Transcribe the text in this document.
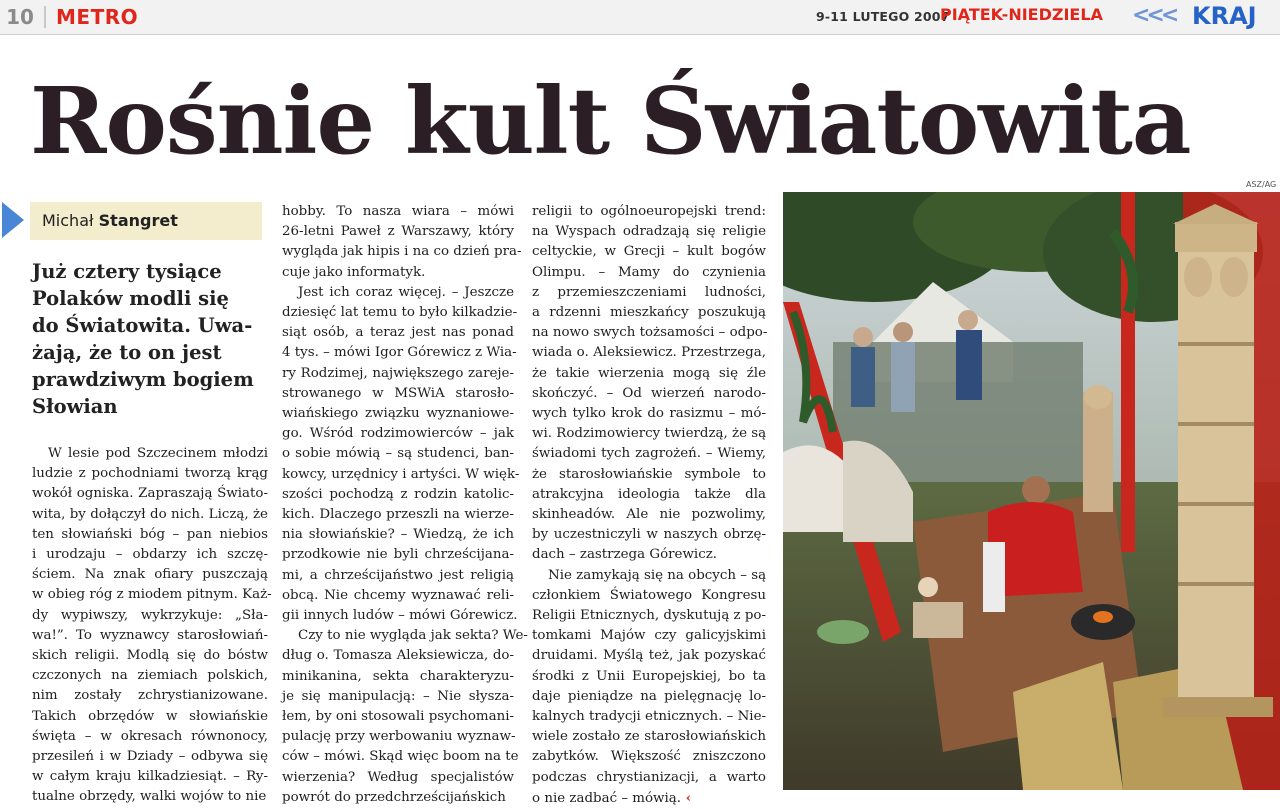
10	METRO	9-11 LUTEGO 2007
PIĄTEK-NIEDZIELA <<< KRAJ
Rośnie kult Światowita
Michał Stangret
Już cztery tysiące
Polaków modli się
do Światowita. Uwa-
żają, że to on jest
prawdziwym bogiem
Słowian
W lesie pod Szczecinem młodzi
ludzie z pochodniami tworzą krąg
wokół ogniska. Zapraszają Świato-
wita, by dołączył do nich. Liczą, że
ten słowiański bóg – pan niebios
i urodzaju – obdarzy ich szczę-
ściem. Na znak ofiary puszczają
w obieg róg z miodem pitnym. Każ-
dy wypiwszy, wykrzykuje: „Sła-
wa!”. To wyznawcy starosłowiań-
skich religii. Modlą się do bóstw
czczonych na ziemiach polskich,
nim zostały zchrystianizowane.
Takich obrzędów w słowiańskie
święta – w okresach równonocy,
przesileń i w Dziady – odbywa się
w całym kraju kilkadziesiąt. – Ry-
tualne obrzędy, walki wojów to nie
hobby. To nasza wiara – mówi
26-letni Paweł z Warszawy, który
wygląda jak hipis i na co dzień pra-
cuje jako informatyk.
Jest ich coraz więcej. – Jeszcze
dziesięć lat temu to było kilkadzie-
siąt osób, a teraz jest nas ponad
4 tys. – mówi Igor Górewicz z Wia-
ry Rodzimej, największego zareje-
strowanego w MSWiA starosło-
wiańskiego związku wyznaniowe-
go. Wśród rodzimowierców – jak
o sobie mówią – są studenci, ban-
kowcy, urzędnicy i artyści. W więk-
szości pochodzą z rodzin katolic-
kich. Dlaczego przeszli na wierze-
nia słowiańskie? – Wiedzą, że ich
przodkowie nie byli chrześcijana-
mi, a chrześcijaństwo jest religią
obcą. Nie chcemy wyznawać reli-
gii innych ludów – mówi Górewicz.
Czy to nie wygląda jak sekta? We-
dług o. Tomasza Aleksiewicza, do-
minikanina, sekta charakteryzu-
je się manipulacją: – Nie słysza-
łem, by oni stosowali psychomani-
pulację przy werbowaniu wyznaw-
ców – mówi. Skąd więc boom na te
wierzenia? Według specjalistów
powrót do przedchrześcijańskich
religii to ogólnoeuropejski trend:
na Wyspach odradzają się religie
celtyckie, w Grecji – kult bogów
Olimpu. – Mamy do czynienia
z przemieszczeniami ludności,
a rdzenni mieszkańcy poszukują
na nowo swych tożsamości – odpo-
wiada o. Aleksiewicz. Przestrzega,
że takie wierzenia mogą się źle
skończyć. – Od wierzeń narodo-
wych tylko krok do rasizmu – mó-
wi. Rodzimowiercy twierdzą, że są
świadomi tych zagrożeń. – Wiemy,
że starosłowiańskie symbole to
atrakcyjna ideologia także dla
skinheadów. Ale nie pozwolimy,
by uczestniczyli w naszych obrzę-
dach – zastrzega Górewicz.
Nie zamykają się na obcych – są
członkiem Światowego Kongresu
Religii Etnicznych, dyskutują z po-
tomkami Majów czy galicyjskimi
druidami. Myślą też, jak pozyskać
środki z Unii Europejskiej, bo ta
daje pieniądze na pielęgnację lo-
kalnych tradycji etnicznych. – Nie-
wiele zostało ze starosłowiańskich
zabytków. Większość zniszczono
podczas chrystianizacji, a warto
o nie zadbać – mówią. ‹
ASZ/AG
